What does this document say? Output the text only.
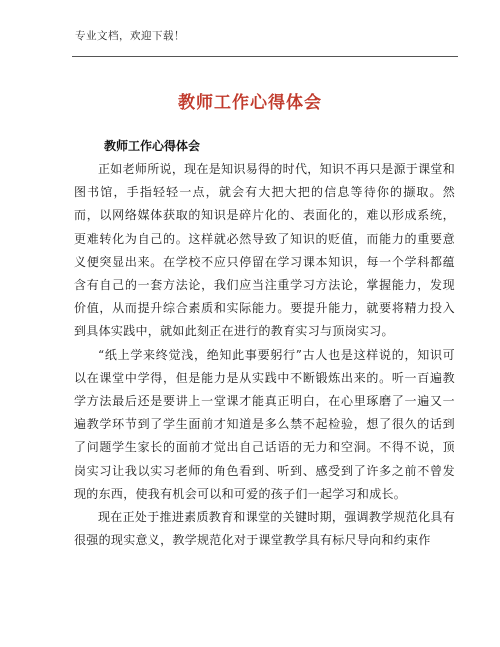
专业文档，欢迎下载！
教师工作心得体会
教师工作心得体会

正如老师所说，现在是知识易得的时代，知识不再只是源于课堂和图书馆，手指轻轻一点，就会有大把大把的信息等待你的撷取。然而，以网络媒体获取的知识是碎片化的、表面化的，难以形成系统，更难转化为自己的。这样就必然导致了知识的贬值，而能力的重要意义便突显出来。在学校不应只停留在学习课本知识，每一个学科都蕴含有自己的一套方法论，我们应当注重学习方法论，掌握能力，发现价值，从而提升综合素质和实际能力。要提升能力，就要将精力投入到具体实践中，就如此刻正在进行的教育实习与顶岗实习。

“纸上学来终觉浅，绝知此事要躬行”古人也是这样说的，知识可以在课堂中学得，但是能力是从实践中不断锻炼出来的。听一百遍教学方法最后还是要讲上一堂课才能真正明白，在心里琢磨了一遍又一遍教学环节到了学生面前才知道是多么禁不起检验，想了很久的话到了问题学生家长的面前才觉出自己话语的无力和空洞。不得不说，顶岗实习让我以实习老师的角色看到、听到、感受到了许多之前不曾发现的东西，使我有机会可以和可爱的孩子们一起学习和成长。

现在正处于推进素质教育和课堂的关键时期，强调教学规范化具有很强的现实意义，教学规范化对于课堂教学具有标尺导向和约束作
